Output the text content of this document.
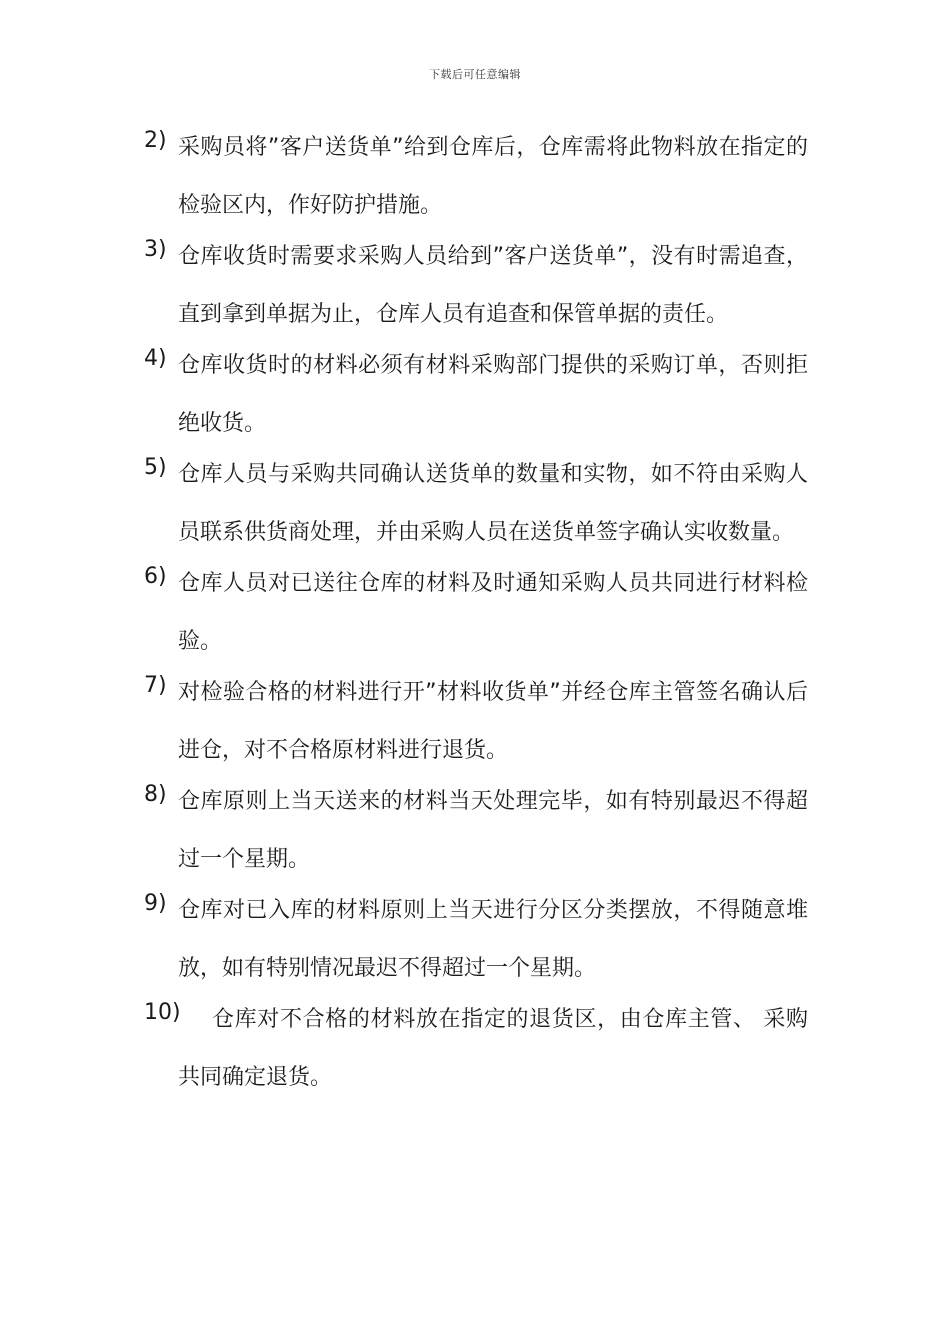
下载后可任意编辑
2) 采购员将”客户送货单”给到仓库后，仓库需将此物料放在指定的检验区内，作好防护措施。
3) 仓库收货时需要求采购人员给到”客户送货单”，没有时需追查，直到拿到单据为止，仓库人员有追查和保管单据的责任。
4) 仓库收货时的材料必须有材料采购部门提供的采购订单，否则拒绝收货。
5) 仓库人员与采购共同确认送货单的数量和实物，如不符由采购人员联系供货商处理，并由采购人员在送货单签字确认实收数量。
6) 仓库人员对已送往仓库的材料及时通知采购人员共同进行材料检验。
7) 对检验合格的材料进行开”材料收货单”并经仓库主管签名确认后进仓，对不合格原材料进行退货。
8) 仓库原则上当天送来的材料当天处理完毕，如有特别最迟不得超过一个星期。
9) 仓库对已入库的材料原则上当天进行分区分类摆放，不得随意堆放，如有特别情况最迟不得超过一个星期。
10)	仓库对不合格的材料放在指定的退货区，由仓库主管、 采购共同确定退货。
